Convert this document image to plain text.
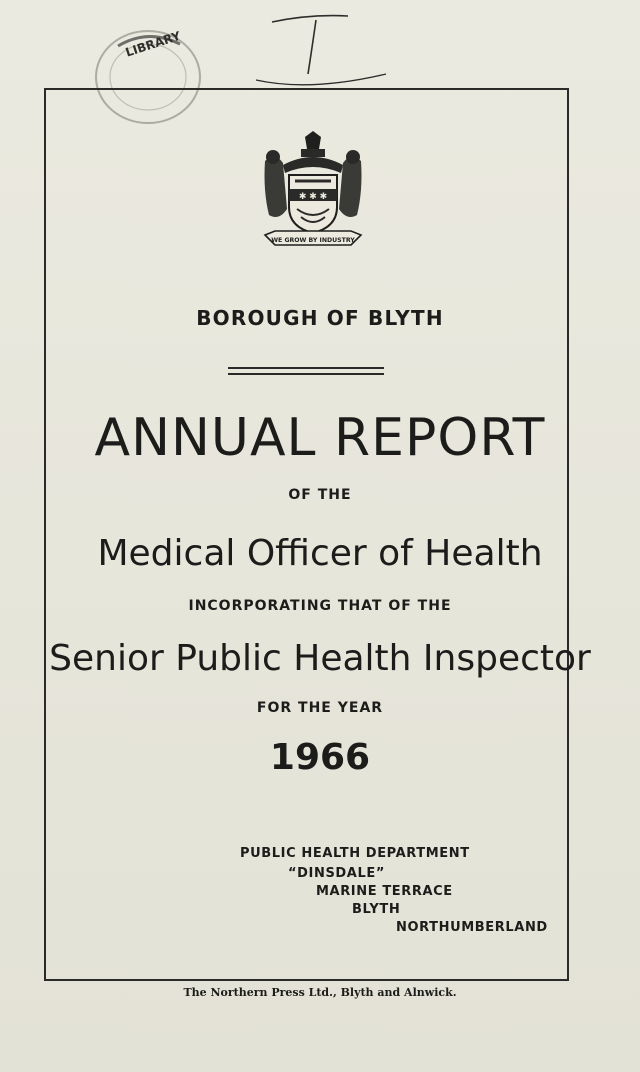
LIBRARY
✱ ✱ ✱
WE GROW BY INDUSTRY

BOROUGH OF BLYTH

ANNUAL REPORT

OF THE

Medical Officer of Health

INCORPORATING THAT OF THE

Senior Public Health Inspector

FOR THE YEAR

1966

PUBLIC HEALTH DEPARTMENT

“DINSDALE”

MARINE TERRACE

BLYTH

NORTHUMBERLAND

The Northern Press Ltd., Blyth and Alnwick.
